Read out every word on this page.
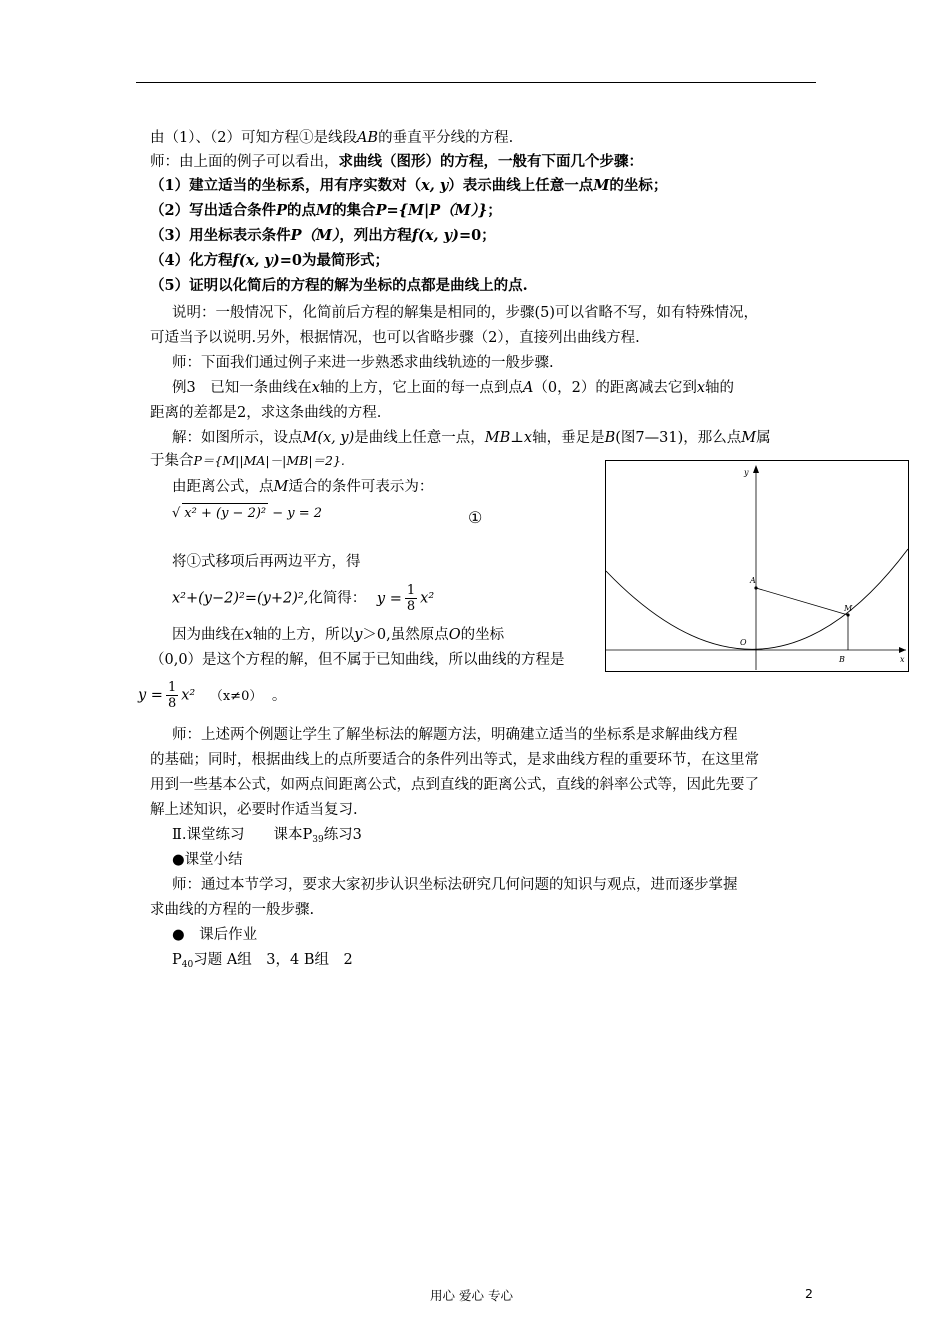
由（1）、（2）可知方程①是线段AB的垂直平分线的方程.
师：由上面的例子可以看出，求曲线（图形）的方程，一般有下面几个步骤：
（1）建立适当的坐标系，用有序实数对（x, y）表示曲线上任意一点M的坐标；
（2）写出适合条件P的点M的集合P={M|P（M）}；
（3）用坐标表示条件P（M），列出方程f(x, y)=0；
（4）化方程f(x, y)=0为最简形式；
（5）证明以化简后的方程的解为坐标的点都是曲线上的点.
说明：一般情况下，化简前后方程的解集是相同的，步骤(5)可以省略不写，如有特殊情况，
可适当予以说明.另外，根据情况，也可以省略步骤（2），直接列出曲线方程.
师：下面我们通过例子来进一步熟悉求曲线轨迹的一般步骤.
例3　已知一条曲线在x轴的上方，它上面的每一点到点A（0，2）的距离减去它到x轴的
距离的差都是2，求这条曲线的方程.
解：如图所示，设点M(x, y)是曲线上任意一点，MB⊥x轴，垂足是B(图7—31)，那么点M属
于集合P＝{M||MA|－|MB|＝2}.
由距离公式，点M适合的条件可表示为：
√ x² + (y − 2)² − y = 2	①
将①式移项后再两边平方，得
x²+(y−2)²=(y+2)²,化简得： $y = \frac{1}{8} x^2$
因为曲线在x轴的上方，所以y＞0,虽然原点O的坐标
（0,0）是这个方程的解，但不属于已知曲线，所以曲线的方程是
$y = \frac{1}{8} x^2$ （x≠0） 。
师：上述两个例题让学生了解坐标法的解题方法，明确建立适当的坐标系是求解曲线方程
的基础；同时，根据曲线上的点所要适合的条件列出等式，是求曲线方程的重要环节，在这里常
用到一些基本公式，如两点间距离公式，点到直线的距离公式，直线的斜率公式等，因此先要了
解上述知识，必要时作适当复习.
Ⅱ.课堂练习　　课本$P_{39}$练习3
●课堂小结
师：通过本节学习，要求大家初步认识坐标法研究几何问题的知识与观点，进而逐步掌握
求曲线的方程的一般步骤.
●　课后作业
$P_{40}$习题 A组　3，4 B组　2
y
x
A
M
O
B
用心 爱心 专心	2
